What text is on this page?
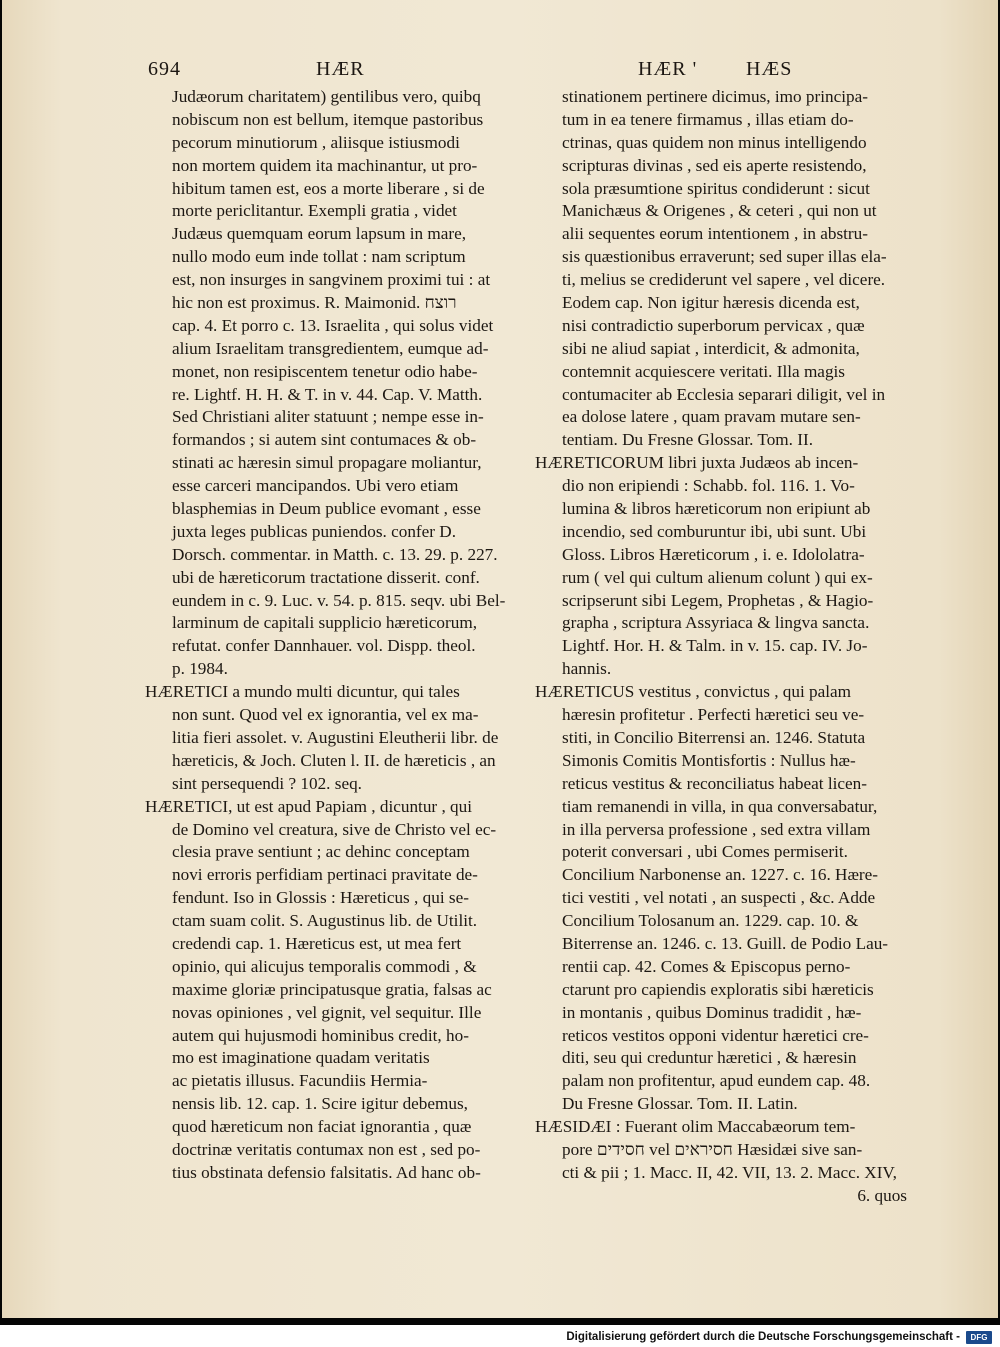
694	HÆR	HÆR ' HÆS
Judæorum charitatem) gentilibus vero, quibq
nobiscum non est bellum, itemque pastoribus
pecorum minutiorum , aliisque istiusmodi
non mortem quidem ita machinantur, ut pro-
hibitum tamen est, eos a morte liberare , si de
morte periclitantur. Exempli gratia , videt
Judæus quemquam eorum lapsum in mare,
nullo modo eum inde tollat : nam scriptum
est, non insurges in sangvinem proximi tui : at
hic non est proximus. R. Maimonid. רוצח
cap. 4. Et porro c. 13. Israelita , qui solus videt
alium Israelitam transgredientem, eumque ad-
monet, non resipiscentem tenetur odio habe-
re. Lightf. H. H. & T. in v. 44. Cap. V. Matth.
Sed Christiani aliter statuunt ; nempe esse in-
formandos ; si autem sint contumaces & ob-
stinati ac hæresin simul propagare moliantur,
esse carceri mancipandos. Ubi vero etiam
blasphemias in Deum publice evomant , esse
juxta leges publicas puniendos. confer D.
Dorsch. commentar. in Matth. c. 13. 29. p. 227.
ubi de hæreticorum tractatione disserit. conf.
eundem in c. 9. Luc. v. 54. p. 815. seqv. ubi Bel-
larminum de capitali supplicio hæreticorum,
refutat. confer Dannhauer. vol. Dispp. theol.
p. 1984.
HÆRETICI a mundo multi dicuntur, qui tales
non sunt. Quod vel ex ignorantia, vel ex ma-
litia fieri assolet. v. Augustini Eleutherii libr. de
hæreticis, & Joch. Cluten l. II. de hæreticis , an
sint persequendi ? 102. seq.
HÆRETICI, ut est apud Papiam , dicuntur , qui
de Domino vel creatura, sive de Christo vel ec-
clesia prave sentiunt ; ac dehinc conceptam
novi erroris perfidiam pertinaci pravitate de-
fendunt. Iso in Glossis : Hæreticus , qui se-
ctam suam colit. S. Augustinus lib. de Utilit.
credendi cap. 1. Hæreticus est, ut mea fert
opinio, qui alicujus temporalis commodi , &
maxime gloriæ principatusque gratia, falsas ac
novas opiniones , vel gignit, vel sequitur. Ille
autem qui hujusmodi hominibus credit, ho-
mo est imaginatione quadam veritatis
ac pietatis illusus. Facundiis Hermia-
nensis lib. 12. cap. 1. Scire igitur debemus,
quod hæreticum non faciat ignorantia , quæ
doctrinæ veritatis contumax non est , sed po-
tius obstinata defensio falsitatis. Ad hanc ob-
stinationem pertinere dicimus, imo principa-
tum in ea tenere firmamus , illas etiam do-
ctrinas, quas quidem non minus intelligendo
scripturas divinas , sed eis aperte resistendo,
sola præsumtione spiritus condiderunt : sicut
Manichæus & Origenes , & ceteri , qui non ut
alii sequentes eorum intentionem , in abstru-
sis quæstionibus erraverunt; sed super illas ela-
ti, melius se crediderunt vel sapere , vel dicere.
Eodem cap. Non igitur hæresis dicenda est,
nisi contradictio superborum pervicax , quæ
sibi ne aliud sapiat , interdicit, & admonita,
contemnit acquiescere veritati. Illa magis
contumaciter ab Ecclesia separari diligit, vel in
ea dolose latere , quam pravam mutare sen-
tentiam. Du Fresne Glossar. Tom. II.
HÆRETICORUM libri juxta Judæos ab incen-
dio non eripiendi : Schabb. fol. 116. 1. Vo-
lumina & libros hæreticorum non eripiunt ab
incendio, sed comburuntur ibi, ubi sunt. Ubi
Gloss. Libros Hæreticorum , i. e. Idololatra-
rum ( vel qui cultum alienum colunt ) qui ex-
scripserunt sibi Legem, Prophetas , & Hagio-
grapha , scriptura Assyriaca & lingva sancta.
Lightf. Hor. H. & Talm. in v. 15. cap. IV. Jo-
hannis.
HÆRETICUS vestitus , convictus , qui palam
hæresin profitetur . Perfecti hæretici seu ve-
stiti, in Concilio Biterrensi an. 1246. Statuta
Simonis Comitis Montisfortis : Nullus hæ-
reticus vestitus & reconciliatus habeat licen-
tiam remanendi in villa, in qua conversabatur,
in illa perversa professione , sed extra villam
poterit conversari , ubi Comes permiserit.
Concilium Narbonense an. 1227. c. 16. Hære-
tici vestiti , vel notati , an suspecti , &c. Adde
Concilium Tolosanum an. 1229. cap. 10. &
Biterrense an. 1246. c. 13. Guill. de Podio Lau-
rentii cap. 42. Comes & Episcopus perno-
ctarunt pro capiendis exploratis sibi hæreticis
in montanis , quibus Dominus tradidit , hæ-
reticos vestitos opponi videntur hæretici cre-
diti, seu qui creduntur hæretici , & hæresin
palam non profitentur, apud eundem cap. 48.
Du Fresne Glossar. Tom. II. Latin.
HÆSIDÆI : Fuerant olim Maccabæorum tem-
pore חסידים vel חסיראים Hæsidæi sive san-
cti & pii ; 1. Macc. II, 42. VII, 13. 2. Macc. XIV,
6. quos
Digitalisierung gefördert durch die Deutsche Forschungsgemeinschaft -	DFG
